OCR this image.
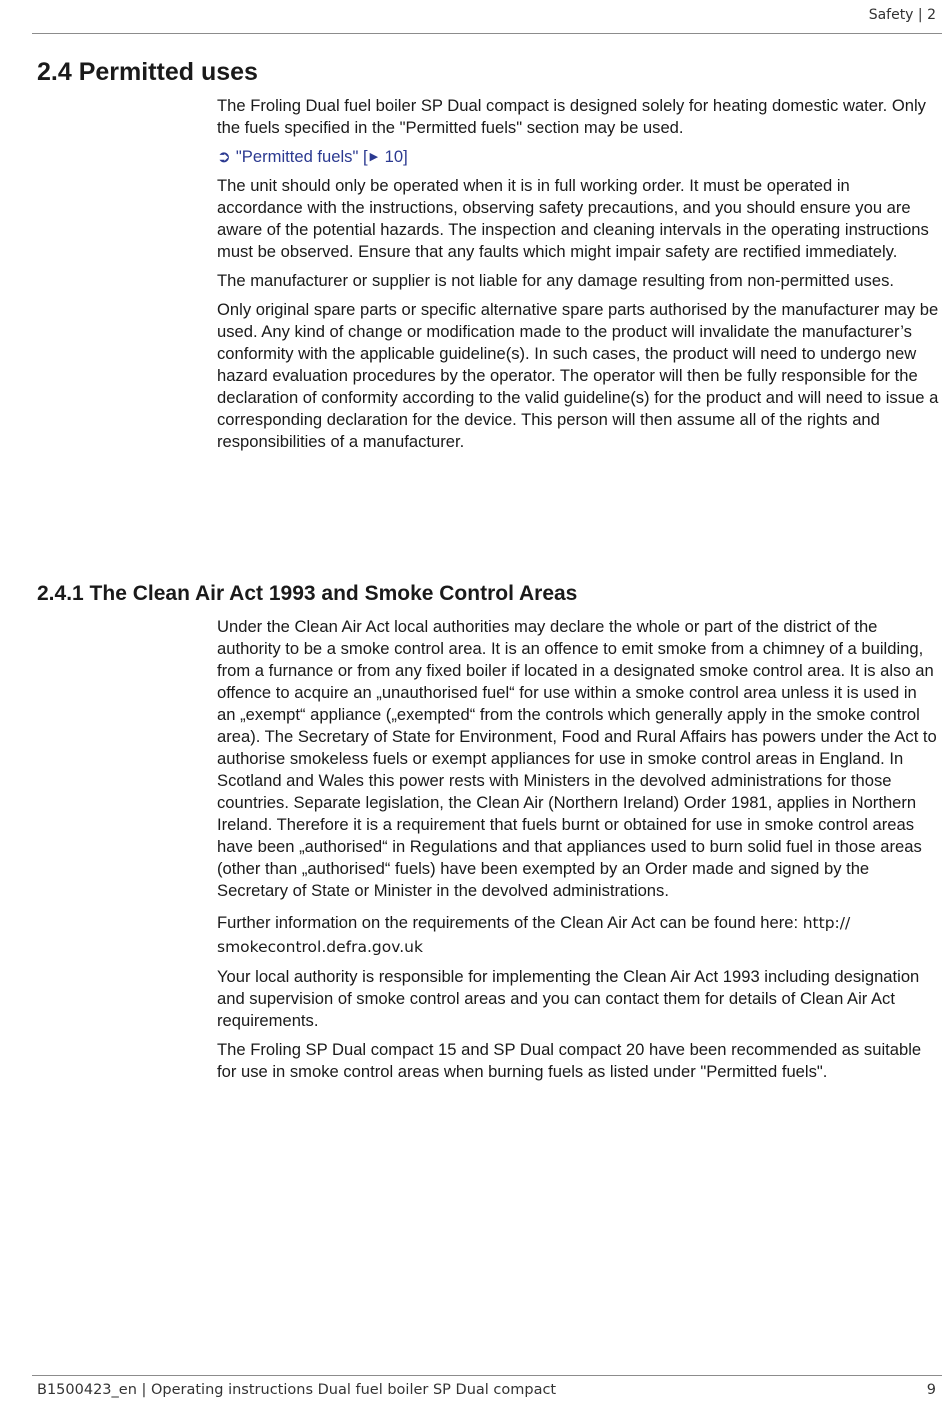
Safety | 2
2.4 Permitted uses

The Froling Dual fuel boiler SP Dual compact is designed solely for heating domestic water. Only the fuels specified in the "Permitted fuels" section may be used.

➲ "Permitted fuels" [ ▶ 10]

The unit should only be operated when it is in full working order. It must be operated in accordance with the instructions, observing safety precautions, and you should ensure you are aware of the potential hazards. The inspection and cleaning intervals in the operating instructions must be observed. Ensure that any faults which might impair safety are rectified immediately.

The manufacturer or supplier is not liable for any damage resulting from non-permitted uses.

Only original spare parts or specific alternative spare parts authorised by the manufacturer may be used. Any kind of change or modification made to the product will invalidate the manufacturer’s conformity with the applicable guideline(s). In such cases, the product will need to undergo new hazard evaluation procedures by the operator. The operator will then be fully responsible for the declaration of conformity according to the valid guideline(s) for the product and will need to issue a corresponding declaration for the device. This person will then assume all of the rights and responsibilities of a manufacturer.

2.4.1 The Clean Air Act 1993 and Smoke Control Areas

Under the Clean Air Act local authorities may declare the whole or part of the district of the authority to be a smoke control area. It is an offence to emit smoke from a chimney of a building, from a furnance or from any fixed boiler if located in a designated smoke control area. It is also an offence to acquire an „unauthorised fuel“ for use within a smoke control area unless it is used in an „exempt“ appliance („exempted“ from the controls which generally apply in the smoke control area). The Secretary of State for Environment, Food and Rural Affairs has powers under the Act to authorise smokeless fuels or exempt appliances for use in smoke control areas in England. In Scotland and Wales this power rests with Ministers in the devolved administrations for those countries. Separate legislation, the Clean Air (Northern Ireland) Order 1981, applies in Northern Ireland. Therefore it is a requirement that fuels burnt or obtained for use in smoke control areas have been „authorised“ in Regulations and that appliances used to burn solid fuel in those areas (other than „authorised“ fuels) have been exempted by an Order made and signed by the Secretary of State or Minister in the devolved administrations.

Further information on the requirements of the Clean Air Act can be found here: http:// smokecontrol.defra.gov.uk

Your local authority is responsible for implementing the Clean Air Act 1993 including designation and supervision of smoke control areas and you can contact them for details of Clean Air Act requirements.

The Froling SP Dual compact 15 and SP Dual compact 20 have been recommended as suitable for use in smoke control areas when burning fuels as listed under "Permitted fuels".

B1500423_en | Operating instructions Dual fuel boiler SP Dual compact	9
